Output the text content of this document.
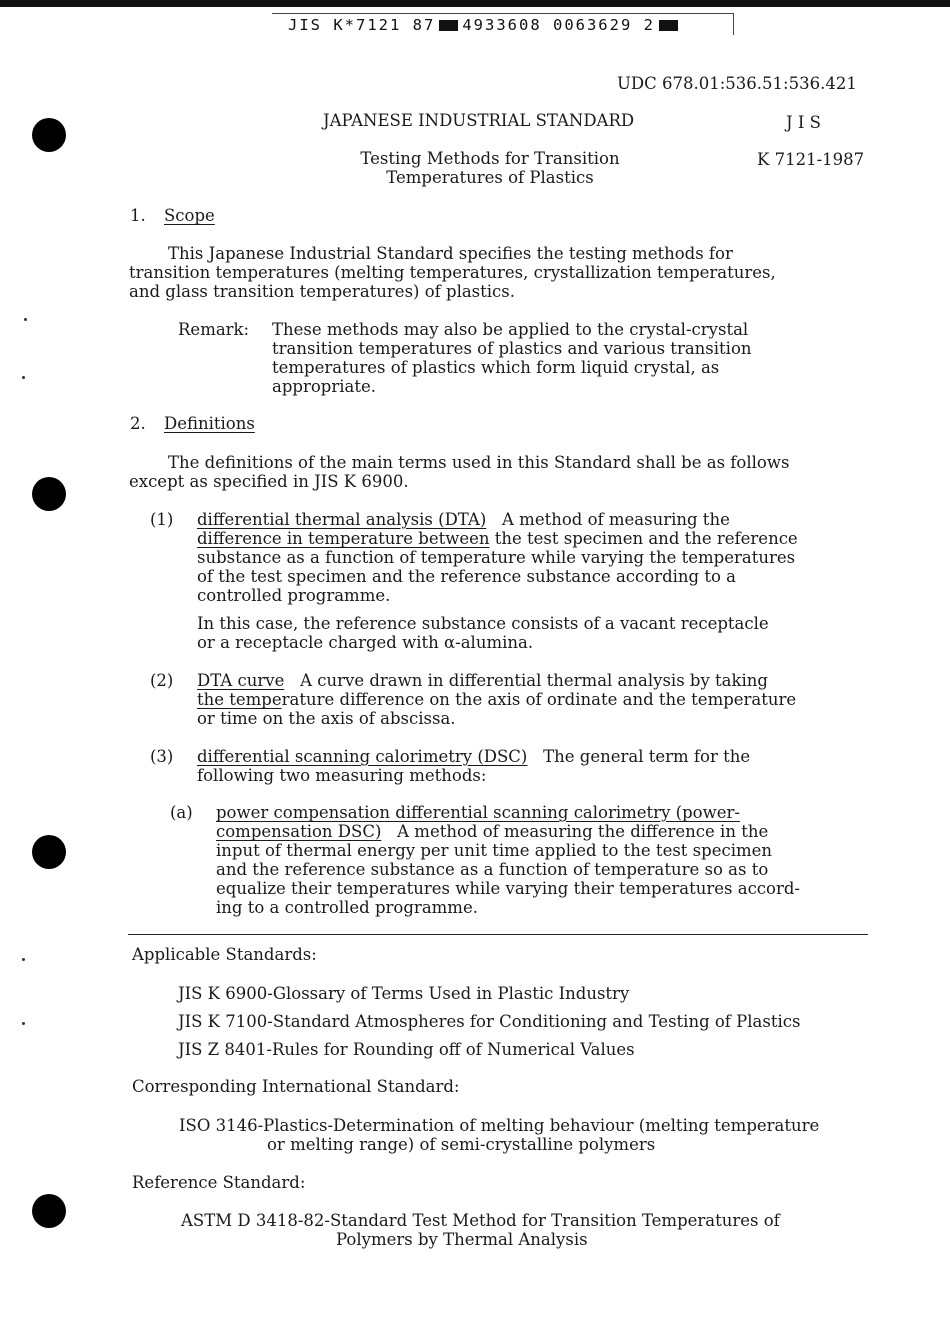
JIS K*7121 87 4933608 0063629 2
UDC 678.01:536.51:536.421
JAPANESE INDUSTRIAL STANDARD	J I S
Testing Methods for Transition
Temperatures of Plastics
K 7121-1987
1. Scope
This Japanese Industrial Standard specifies the testing methods for
transition temperatures (melting temperatures, crystallization temperatures,
and glass transition temperatures) of plastics.
Remark: These methods may also be applied to the crystal-crystal
transition temperatures of plastics and various transition
temperatures of plastics which form liquid crystal, as
appropriate.
2. Definitions
The definitions of the main terms used in this Standard shall be as follows
except as specified in JIS K 6900.
(1) differential thermal analysis (DTA) A method of measuring the
difference in temperature between the test specimen and the reference
substance as a function of temperature while varying the temperatures
of the test specimen and the reference substance according to a
controlled programme.
In this case, the reference substance consists of a vacant receptacle
or a receptacle charged with α-alumina.
(2) DTA curve A curve drawn in differential thermal analysis by taking
the temperature difference on the axis of ordinate and the temperature
or time on the axis of abscissa.
(3) differential scanning calorimetry (DSC) The general term for the
following two measuring methods:
(a) power compensation differential scanning calorimetry (power-
compensation DSC) A method of measuring the difference in the
input of thermal energy per unit time applied to the test specimen
and the reference substance as a function of temperature so as to
equalize their temperatures while varying their temperatures accord-
ing to a controlled programme.
Applicable Standards:
JIS K 6900-Glossary of Terms Used in Plastic Industry
JIS K 7100-Standard Atmospheres for Conditioning and Testing of Plastics
JIS Z 8401-Rules for Rounding off of Numerical Values
Corresponding International Standard:
ISO 3146-Plastics-Determination of melting behaviour (melting temperature
or melting range) of semi-crystalline polymers
Reference Standard:
ASTM D 3418-82-Standard Test Method for Transition Temperatures of
Polymers by Thermal Analysis
